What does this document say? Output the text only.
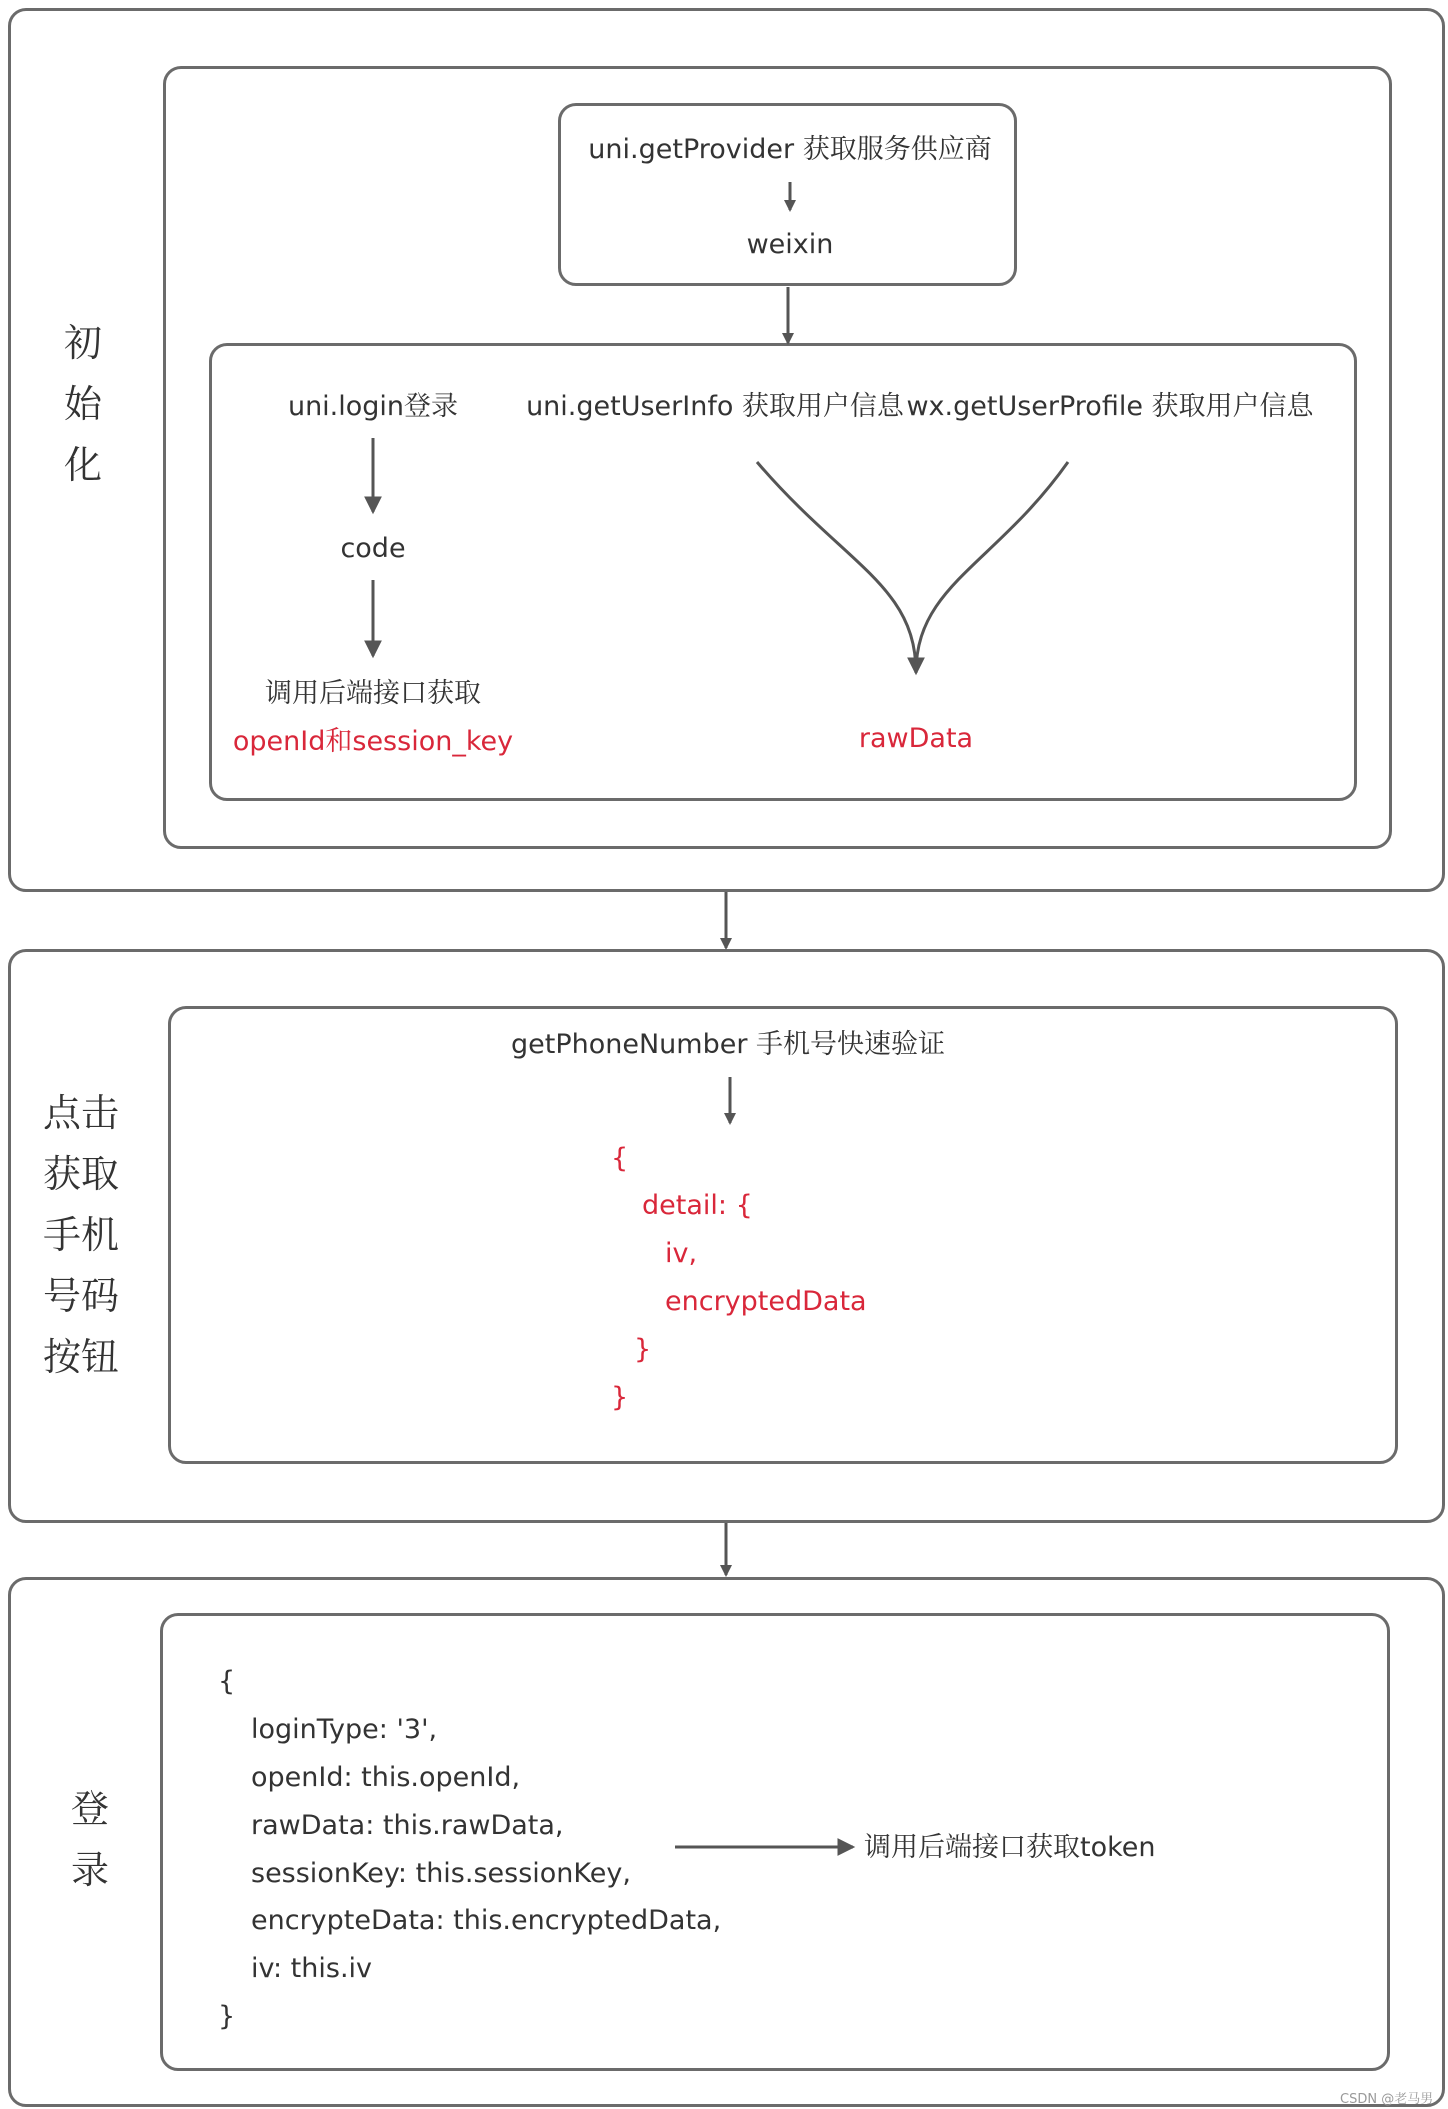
初
始
化
uni.getProvider 获取服务供应商
weixin
uni.login登录
code
调用后端接口获取
openId和session_key
uni.getUserInfo 获取用户信息 wx.getUserProfile 获取用户信息
rawData
点击
获取
手机
号码
按钮
getPhoneNumber 手机号快速验证
{
detail: {
iv,
encryptedData
}
}
登
录
{
loginType: '3',
openId: this.openId,
rawData: this.rawData,
sessionKey: this.sessionKey,
encrypteData: this.encryptedData,
iv: this.iv
}
调用后端接口获取token
CSDN @老马男
